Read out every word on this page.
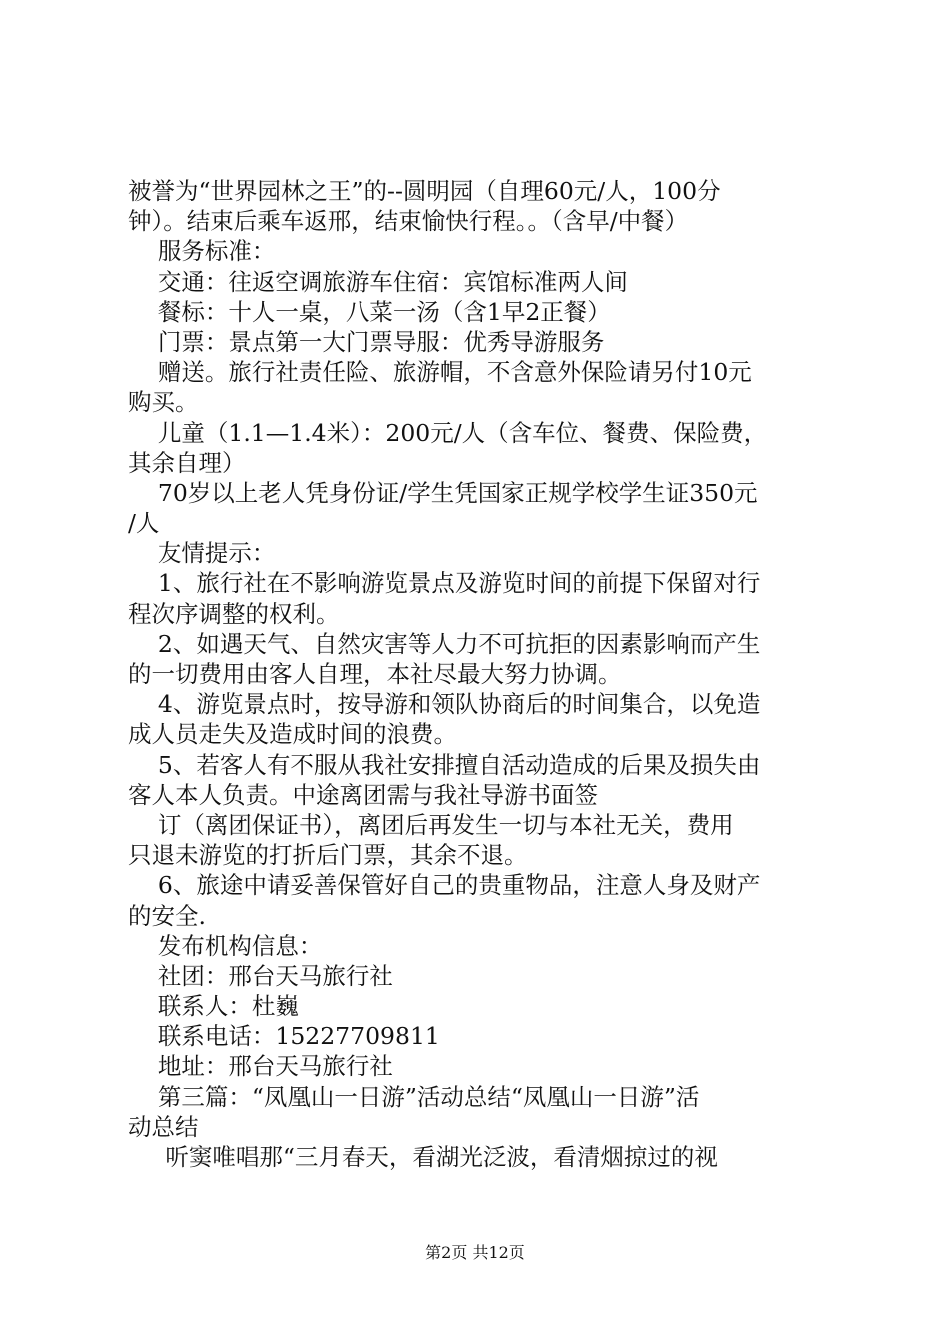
被誉为“世界园林之王”的--圆明园（自理60元/人，100分
钟）。结束后乘车返邢，结束愉快行程。。（含早/中餐）
服务标准：
交通：往返空调旅游车住宿：宾馆标准两人间
餐标：十人一桌，八菜一汤（含1早2正餐）
门票：景点第一大门票导服：优秀导游服务
赠送。旅行社责任险、旅游帽，不含意外保险请另付10元
购买。
儿童（1.1—1.4米）：200元/人（含车位、餐费、保险费，
其余自理）
70岁以上老人凭身份证/学生凭国家正规学校学生证350元
/人
友情提示：
1、旅行社在不影响游览景点及游览时间的前提下保留对行
程次序调整的权利。
2、如遇天气、自然灾害等人力不可抗拒的因素影响而产生
的一切费用由客人自理，本社尽最大努力协调。
4、游览景点时，按导游和领队协商后的时间集合，以免造
成人员走失及造成时间的浪费。
5、若客人有不服从我社安排擅自活动造成的后果及损失由
客人本人负责。中途离团需与我社导游书面签
订（离团保证书），离团后再发生一切与本社无关，费用
只退未游览的打折后门票，其余不退。
6、旅途中请妥善保管好自己的贵重物品，注意人身及财产
的安全.
发布机构信息：
社团：邢台天马旅行社
联系人：杜巍
联系电话：15227709811
地址：邢台天马旅行社
第三篇：“凤凰山一日游”活动总结“凤凰山一日游”活
动总结
听窦唯唱那“三月春天，看湖光泛波，看清烟掠过的视
第2页 共12页
